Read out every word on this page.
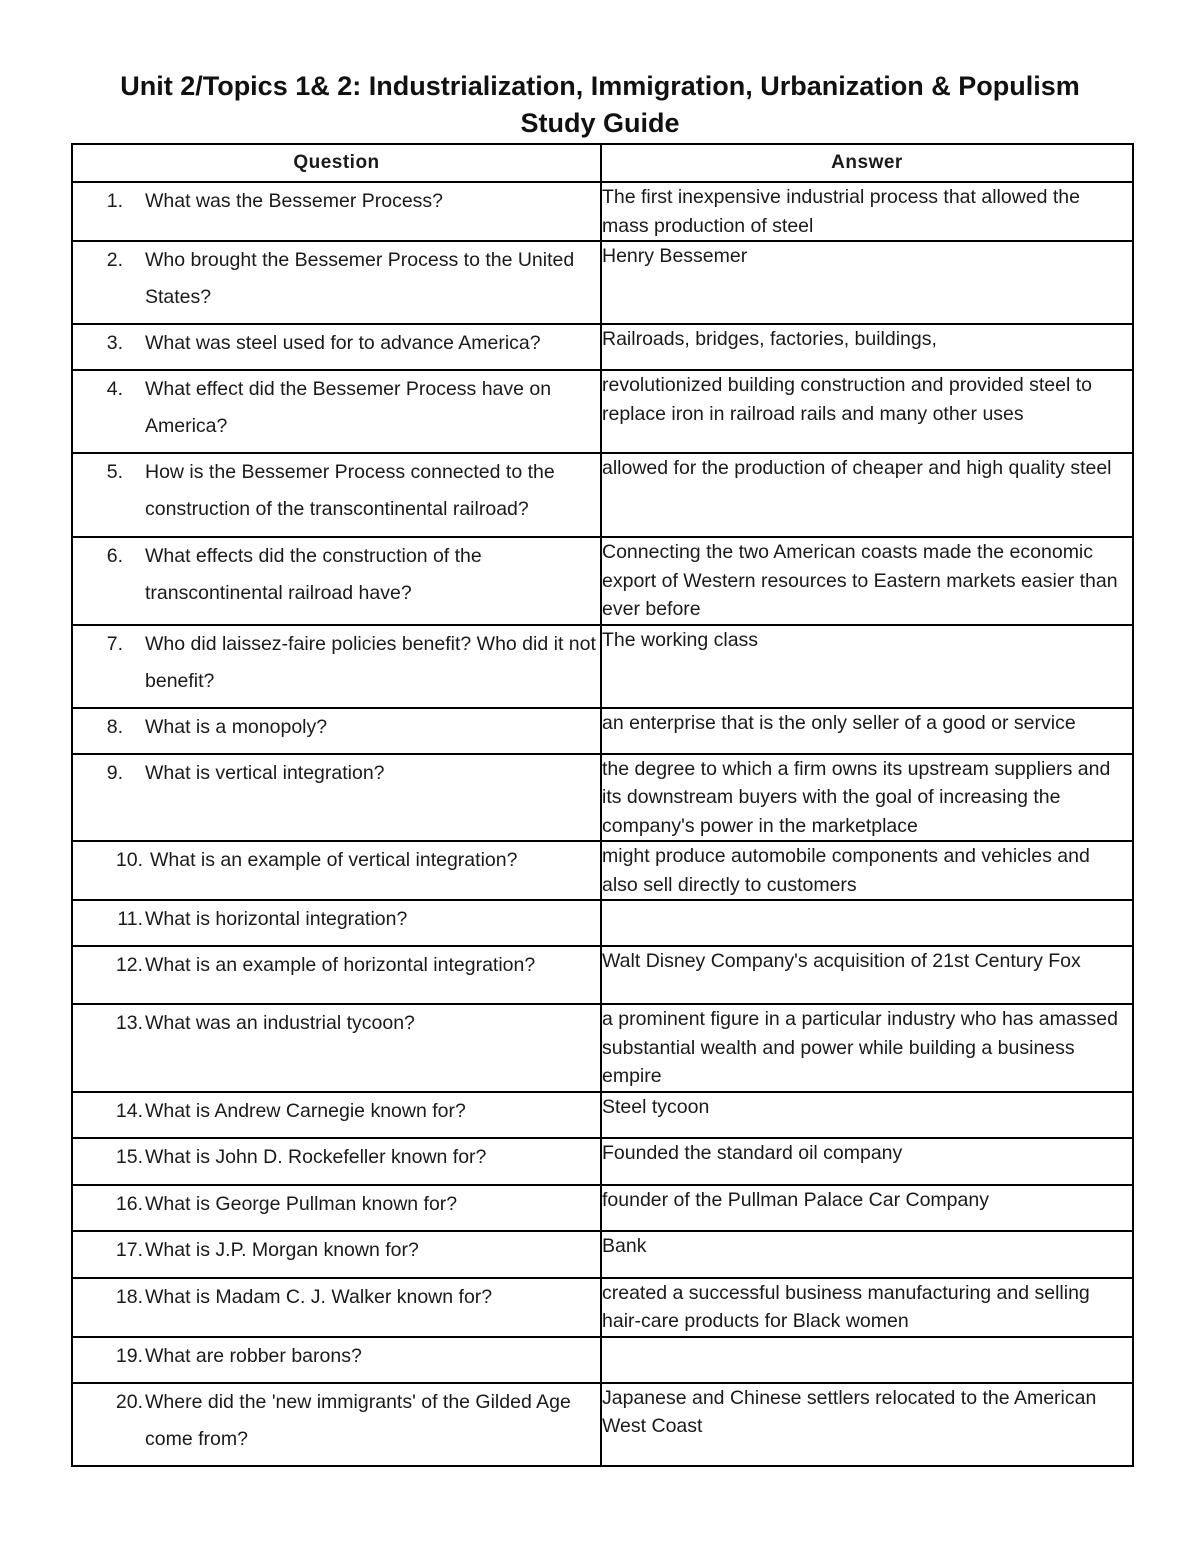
Unit 2/Topics 1& 2: Industrialization, Immigration, Urbanization & Populism
Study Guide
Question	Answer

1. What was the Bessemer Process?	The first inexpensive industrial process that allowed the mass production of steel

2. Who brought the Bessemer Process to the United States?	Henry Bessemer

3. What was steel used for to advance America?	Railroads, bridges, factories, buildings,

4. What effect did the Bessemer Process have on America?	revolutionized building construction and provided steel to replace iron in railroad rails and many other uses

5. How is the Bessemer Process connected to the construction of the transcontinental railroad?	allowed for the production of cheaper and high quality steel

6. What effects did the construction of the transcontinental railroad have?	Connecting the two American coasts made the economic export of Western resources to Eastern markets easier than ever before

7. Who did laissez-faire policies benefit? Who did it not benefit?	The working class

8. What is a monopoly?	an enterprise that is the only seller of a good or service

9. What is vertical integration?	the degree to which a firm owns its upstream suppliers and its downstream buyers with the goal of increasing the company's power in the marketplace

10. What is an example of vertical integration?	might produce automobile components and vehicles and also sell directly to customers

11. What is horizontal integration?	

12. What is an example of horizontal integration?	Walt Disney Company's acquisition of 21st Century Fox

13. What was an industrial tycoon?	a prominent figure in a particular industry who has amassed substantial wealth and power while building a business empire

14. What is Andrew Carnegie known for?	Steel tycoon

15. What is John D. Rockefeller known for?	Founded the standard oil company

16. What is George Pullman known for?	founder of the Pullman Palace Car Company

17. What is J.P. Morgan known for?	Bank

18. What is Madam C. J. Walker known for?	created a successful business manufacturing and selling hair-care products for Black women

19. What are robber barons?	

20. Where did the 'new immigrants' of the Gilded Age come from?	Japanese and Chinese settlers relocated to the American West Coast
